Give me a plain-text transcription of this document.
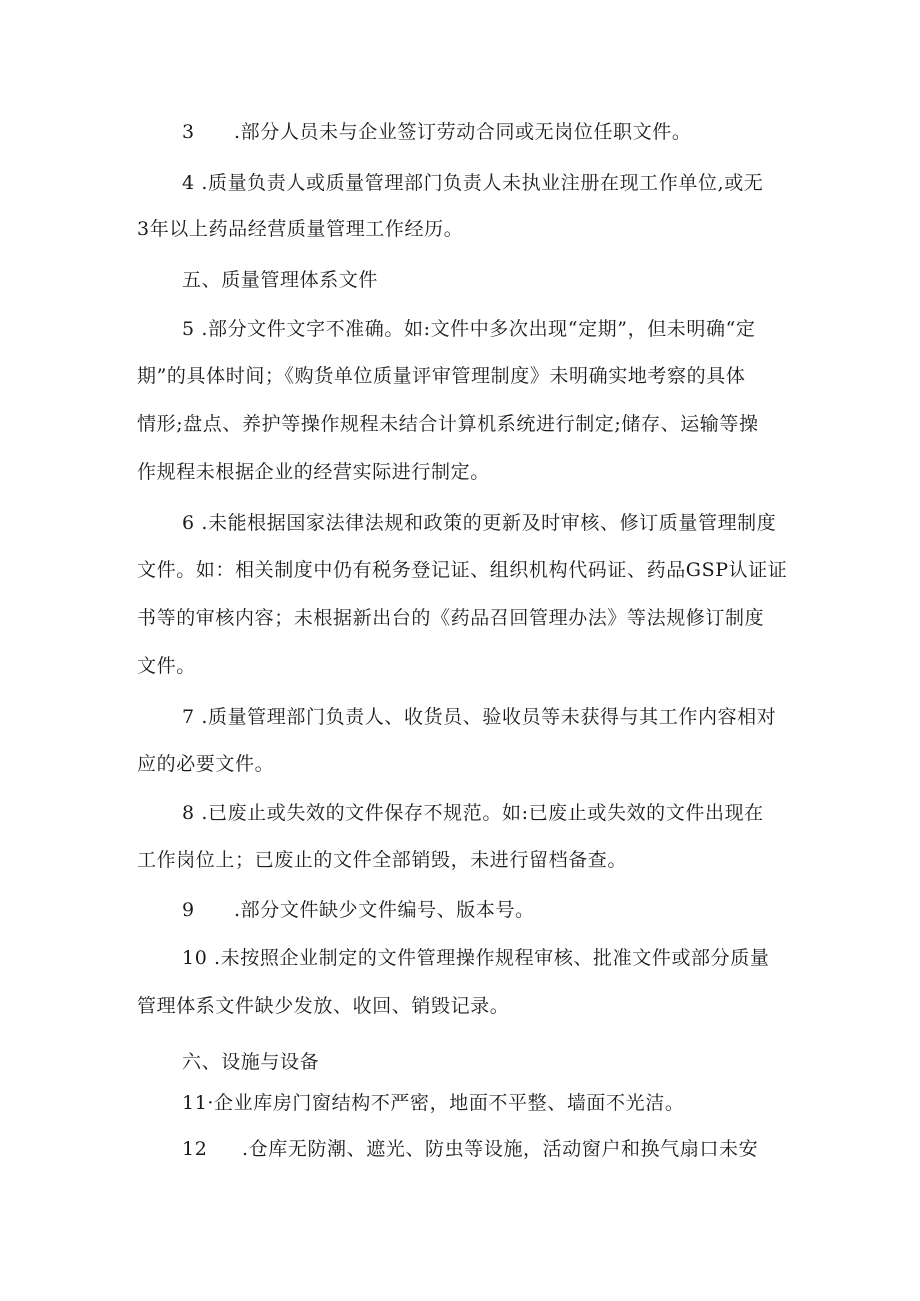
3 .部分人员未与企业签订劳动合同或无岗位任职文件。
4 .质量负责人或质量管理部门负责人未执业注册在现工作单位,或无
3年以上药品经营质量管理工作经历。
五、质量管理体系文件
5 .部分文件文字不准确。如:文件中多次出现“定期”，但未明确“定
期”的具体时间；《购货单位质量评审管理制度》未明确实地考察的具体
情形;盘点、养护等操作规程未结合计算机系统进行制定;储存、运输等操
作规程未根据企业的经营实际进行制定。
6 .未能根据国家法律法规和政策的更新及时审核、修订质量管理制度
文件。如：相关制度中仍有税务登记证、组织机构代码证、药品GSP认证证
书等的审核内容；未根据新出台的《药品召回管理办法》等法规修订制度
文件。
7 .质量管理部门负责人、收货员、验收员等未获得与其工作内容相对
应的必要文件。
8 .已废止或失效的文件保存不规范。如:已废止或失效的文件出现在
工作岗位上；已废止的文件全部销毁，未进行留档备查。
9 .部分文件缺少文件编号、版本号。
10 .未按照企业制定的文件管理操作规程审核、批准文件或部分质量
管理体系文件缺少发放、收回、销毁记录。
六、设施与设备
11·企业库房门窗结构不严密，地面不平整、墙面不光洁。
12 .仓库无防潮、遮光、防虫等设施，活动窗户和换气扇口未安
